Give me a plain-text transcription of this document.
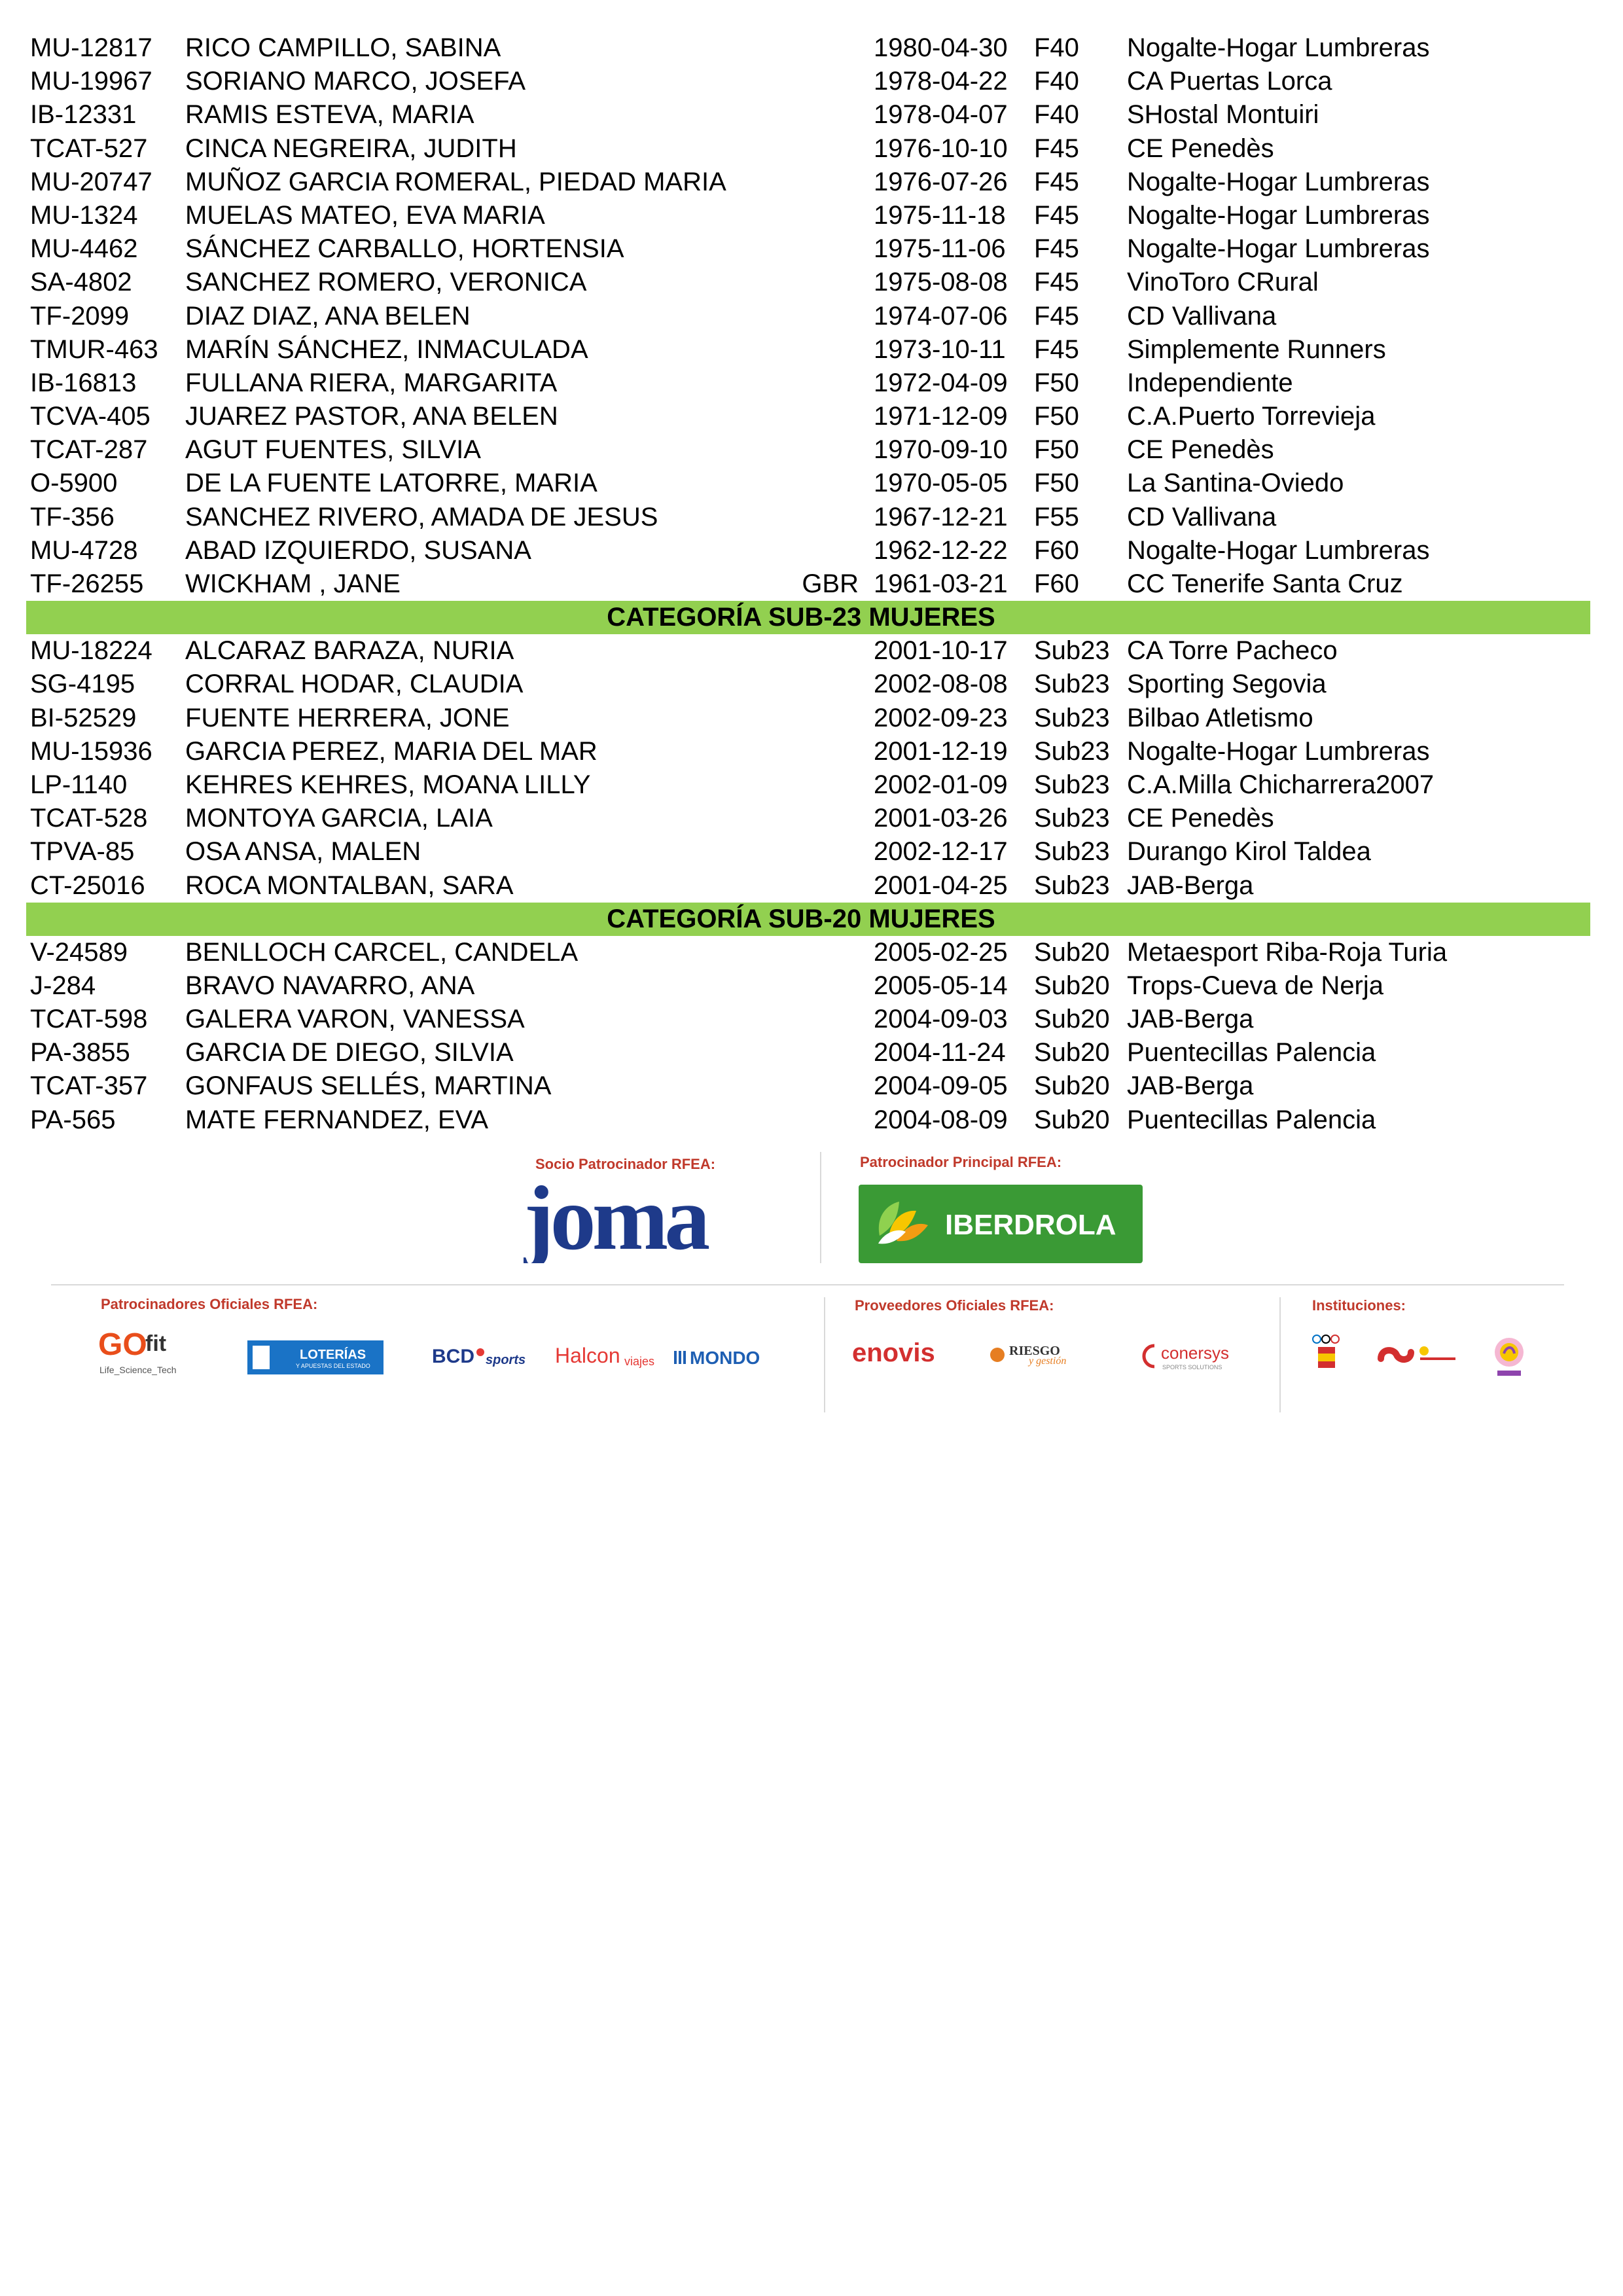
MU-12817 RICO CAMPILLO, SABINA	1980-04-30 F40 Nogalte-Hogar Lumbreras
MU-19967 SORIANO MARCO, JOSEFA	1978-04-22 F40 CA Puertas Lorca
IB-12331 RAMIS ESTEVA, MARIA	1978-04-07 F40 SHostal Montuiri
TCAT-527 CINCA NEGREIRA, JUDITH	1976-10-10 F45 CE Penedès
MU-20747 MUÑOZ GARCIA ROMERAL, PIEDAD MARIA	1976-07-26 F45 Nogalte-Hogar Lumbreras
MU-1324 MUELAS MATEO, EVA MARIA	1975-11-18 F45 Nogalte-Hogar Lumbreras
MU-4462 SÁNCHEZ CARBALLO, HORTENSIA	1975-11-06 F45 Nogalte-Hogar Lumbreras
SA-4802 SANCHEZ ROMERO, VERONICA	1975-08-08 F45 VinoToro CRural
TF-2099 DIAZ DIAZ, ANA BELEN	1974-07-06 F45 CD Vallivana
TMUR-463 MARÍN SÁNCHEZ, INMACULADA	1973-10-11 F45 Simplemente Runners
IB-16813 FULLANA RIERA, MARGARITA	1972-04-09 F50 Independiente
TCVA-405 JUAREZ PASTOR, ANA BELEN	1971-12-09 F50 C.A.Puerto Torrevieja
TCAT-287 AGUT FUENTES, SILVIA	1970-09-10 F50 CE Penedès
O-5900	DE LA FUENTE LATORRE, MARIA	1970-05-05 F50 La Santina-Oviedo
TF-356	SANCHEZ RIVERO, AMADA DE JESUS	1967-12-21 F55 CD Vallivana
MU-4728 ABAD IZQUIERDO, SUSANA	1962-12-22 F60 Nogalte-Hogar Lumbreras
TF-26255 WICKHAM , JANE	GBR 1961-03-21 F60 CC Tenerife Santa Cruz
CATEGORÍA SUB-23 MUJERES
MU-18224 ALCARAZ BARAZA, NURIA	2001-10-17 Sub23 CA Torre Pacheco
SG-4195 CORRAL HODAR, CLAUDIA	2002-08-08 Sub23 Sporting Segovia
BI-52529 FUENTE HERRERA, JONE	2002-09-23 Sub23 Bilbao Atletismo
MU-15936 GARCIA PEREZ, MARIA DEL MAR	2001-12-19 Sub23 Nogalte-Hogar Lumbreras
LP-1140 KEHRES KEHRES, MOANA LILLY	2002-01-09 Sub23 C.A.Milla Chicharrera2007
TCAT-528 MONTOYA GARCIA, LAIA	2001-03-26 Sub23 CE Penedès
TPVA-85 OSA ANSA, MALEN	2002-12-17 Sub23 Durango Kirol Taldea
CT-25016 ROCA MONTALBAN, SARA	2001-04-25 Sub23 JAB-Berga
CATEGORÍA SUB-20 MUJERES
V-24589 BENLLOCH CARCEL, CANDELA	2005-02-25 Sub20 Metaesport Riba-Roja Turia
J-284	BRAVO NAVARRO, ANA	2005-05-14 Sub20 Trops-Cueva de Nerja
TCAT-598 GALERA VARON, VANESSA	2004-09-03 Sub20 JAB-Berga
PA-3855 GARCIA DE DIEGO, SILVIA	2004-11-24 Sub20 Puentecillas Palencia
TCAT-357 GONFAUS SELLÉS, MARTINA	2004-09-05 Sub20 JAB-Berga
PA-565	MATE FERNANDEZ, EVA	2004-08-09 Sub20 Puentecillas Palencia
Socio Patrocinador RFEA:
joma
Patrocinador Principal RFEA:
IBERDROLA
Patrocinadores Oficiales RFEA:
GO
fit
Life_Science_Tech
LOTERÍAS
Y APUESTAS DEL ESTADO	BCD sports Halcon viajes MONDO
Proveedores Oficiales RFEA:
enovis	RIESGO
y gestión	conersys
SPORTS SOLUTIONS
Instituciones:
